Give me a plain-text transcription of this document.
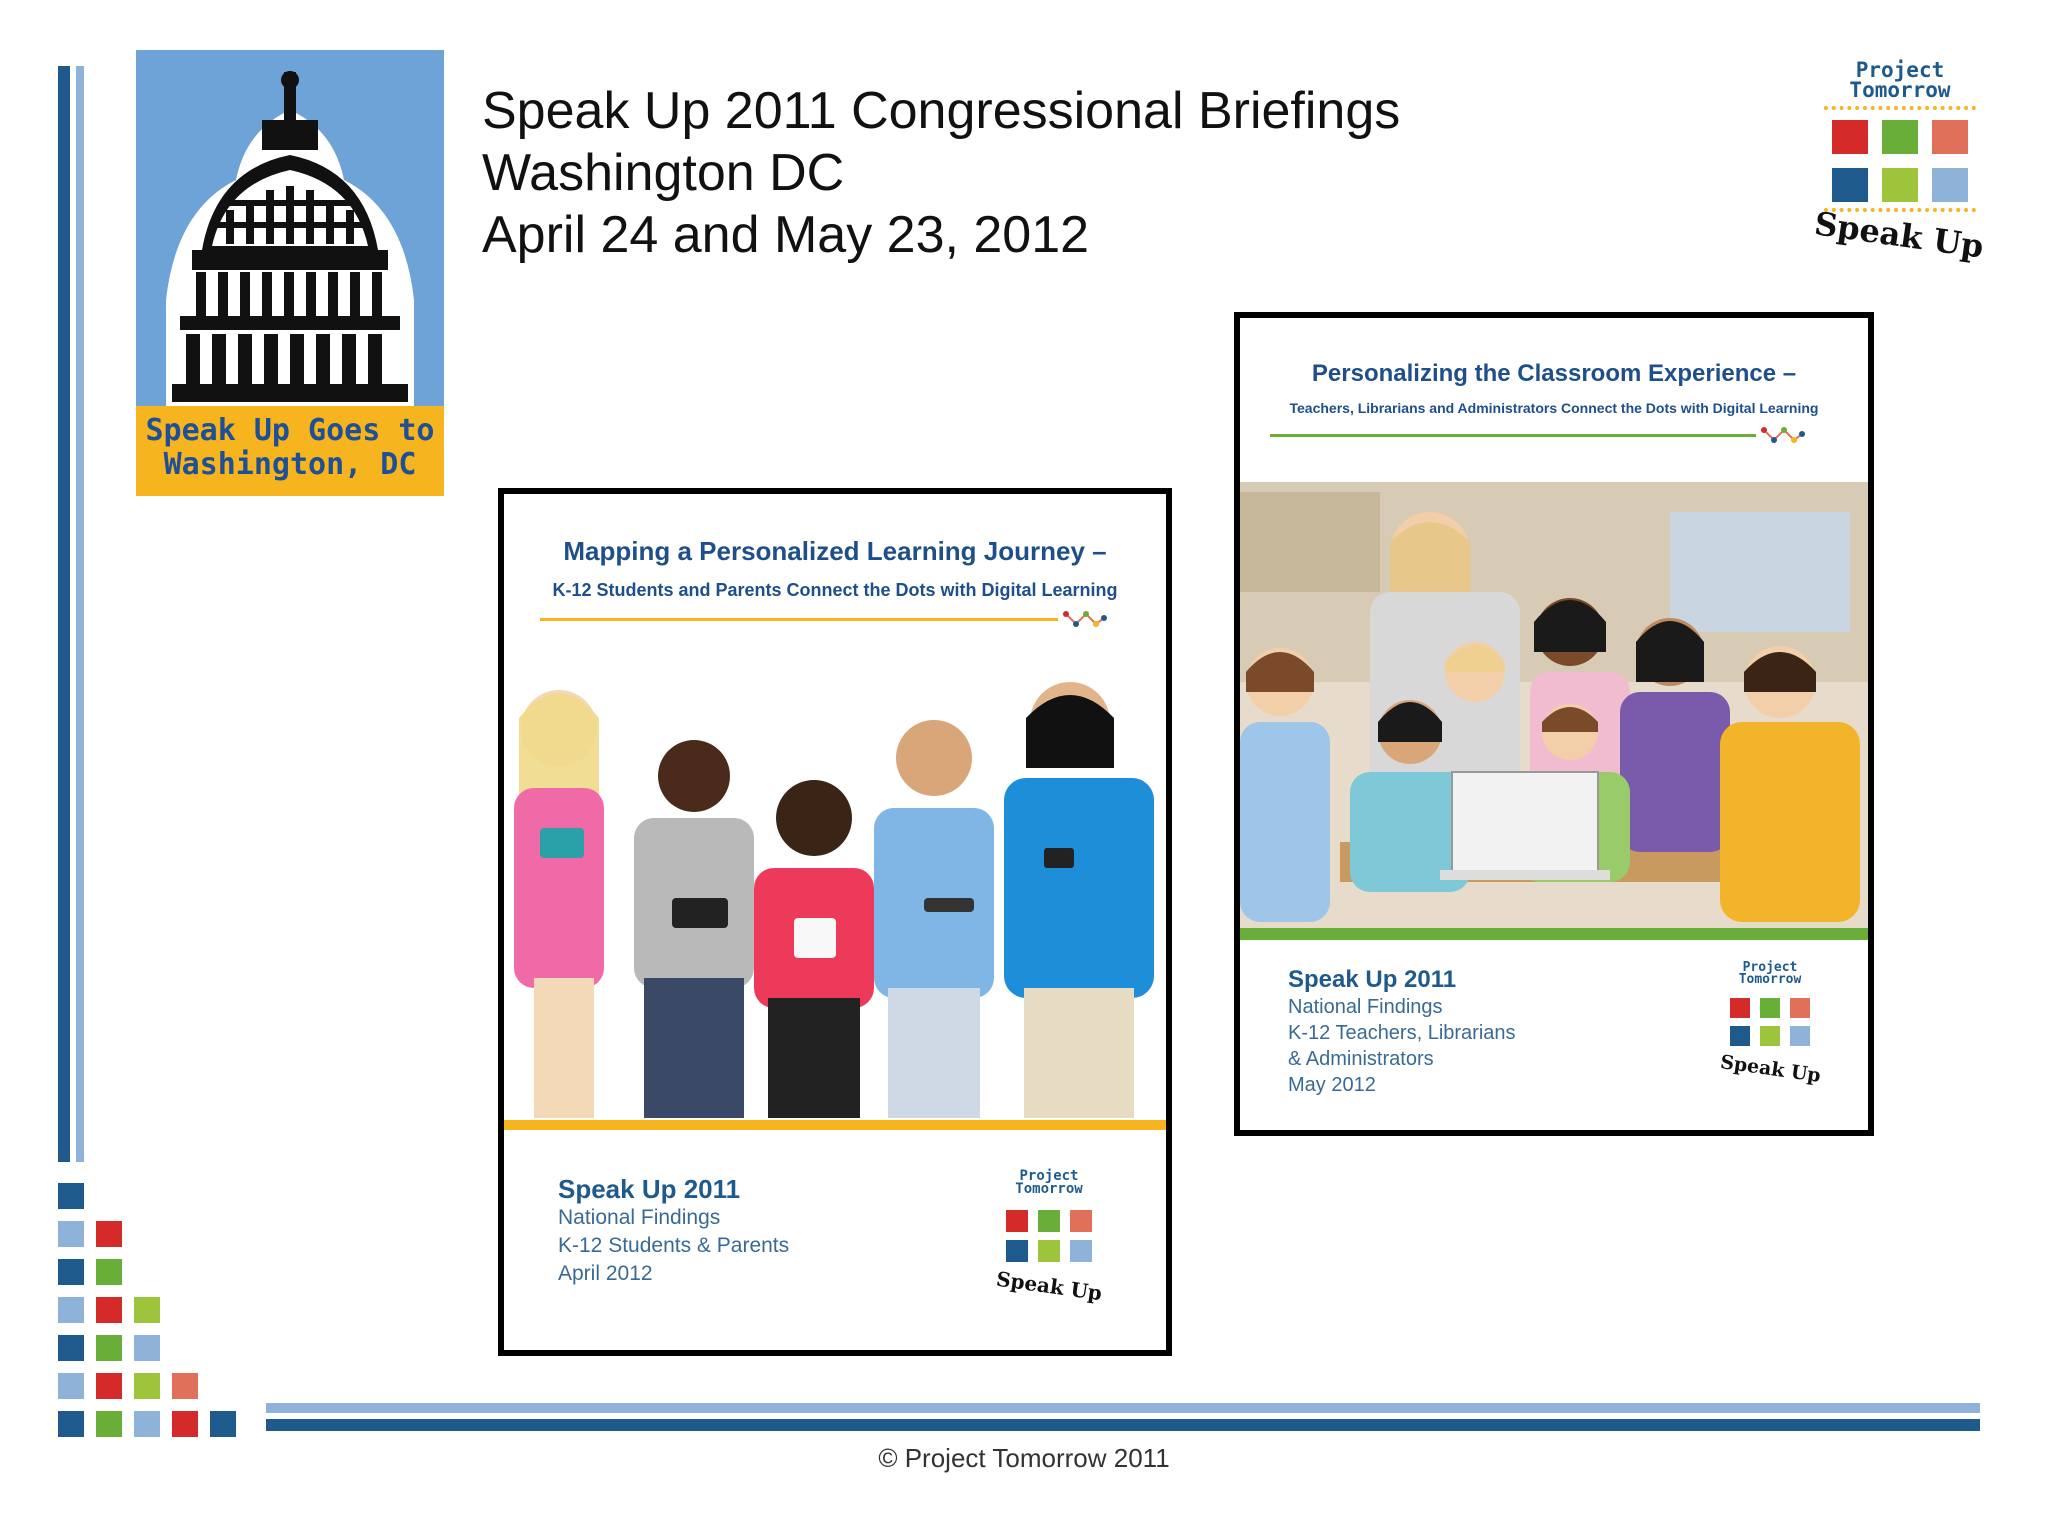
Speak Up Goes to
Washington, DC
Speak Up 2011 Congressional Briefings
Washington DC
April 24 and May 23, 2012
Project
Tomorrow
Speak Up
Mapping a Personalized Learning Journey –
K-12 Students and Parents Connect the Dots with Digital Learning
Speak Up 2011
National Findings
K-12 Students & Parents
April 2012
Project
Tomorrow
Speak Up
Personalizing the Classroom Experience –
Teachers, Librarians and Administrators Connect the Dots with Digital Learning
Speak Up 2011
National Findings
K-12 Teachers, Librarians
& Administrators
May 2012
Project
Tomorrow
Speak Up
© Project Tomorrow 2011
